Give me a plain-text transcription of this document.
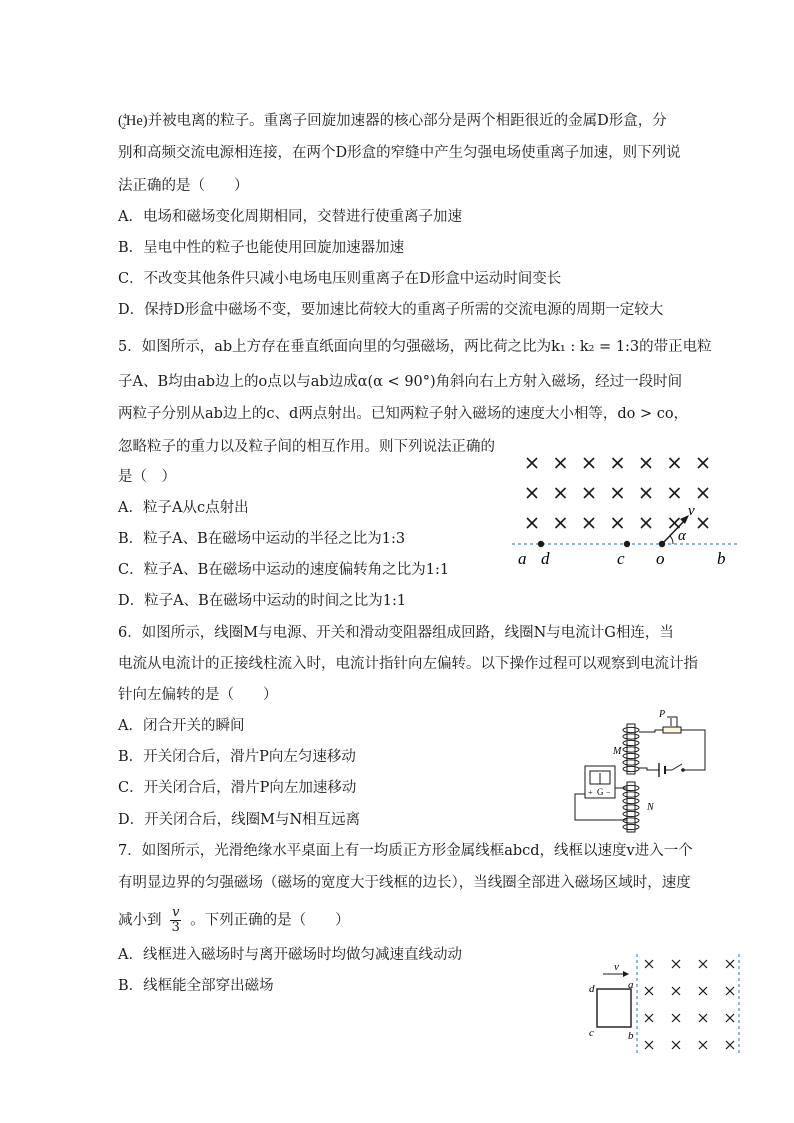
($^4_2$He)并被电离的粒子。重离子回旋加速器的核心部分是两个相距很近的金属D形盒，分
别和高频交流电源相连接，在两个D形盒的窄缝中产生匀强电场使重离子加速，则下列说
法正确的是（　　）
A．电场和磁场变化周期相同，交替进行使重离子加速
B．呈电中性的粒子也能使用回旋加速器加速
C．不改变其他条件只减小电场电压则重离子在D形盒中运动时间变长
D．保持D形盒中磁场不变，要加速比荷较大的重离子所需的交流电源的周期一定较大
5．如图所示，ab上方存在垂直纸面向里的匀强磁场，两比荷之比为k₁ : k₂ = 1:3的带正电粒
子A、B均由ab边上的o点以与ab边成α(α < 90°)角斜向右上方射入磁场，经过一段时间
两粒子分别从ab边上的c、d两点射出。已知两粒子射入磁场的速度大小相等，do > co，
忽略粒子的重力以及粒子间的相互作用。则下列说法正确的
是（　）
A．粒子A从c点射出
B．粒子A、B在磁场中运动的半径之比为1:3
C．粒子A、B在磁场中运动的速度偏转角之比为1:1
D．粒子A、B在磁场中运动的时间之比为1:1
v
α
a d	c o	b
6．如图所示，线圈M与电源、开关和滑动变阻器组成回路，线圈N与电流计G相连，当
电流从电流计的正接线柱流入时，电流计指针向左偏转。以下操作过程可以观察到电流计指
针向左偏转的是（　　）
A．闭合开关的瞬间
B．开关闭合后，滑片P向左匀速移动
C．开关闭合后，滑片P向左加速移动
D．开关闭合后，线圈M与N相互远离
P
M
N
G
+ −
7．如图所示，光滑绝缘水平桌面上有一均质正方形金属线框abcd，线框以速度v进入一个
有明显边界的匀强磁场（磁场的宽度大于线框的边长），当线圈全部进入磁场区域时，速度
减小到 $\frac{v}{3}$ 。下列正确的是（　　）
A．线框进入磁场时与离开磁场时均做匀减速直线动动
B．线框能全部穿出磁场
v
d	a
c	b
